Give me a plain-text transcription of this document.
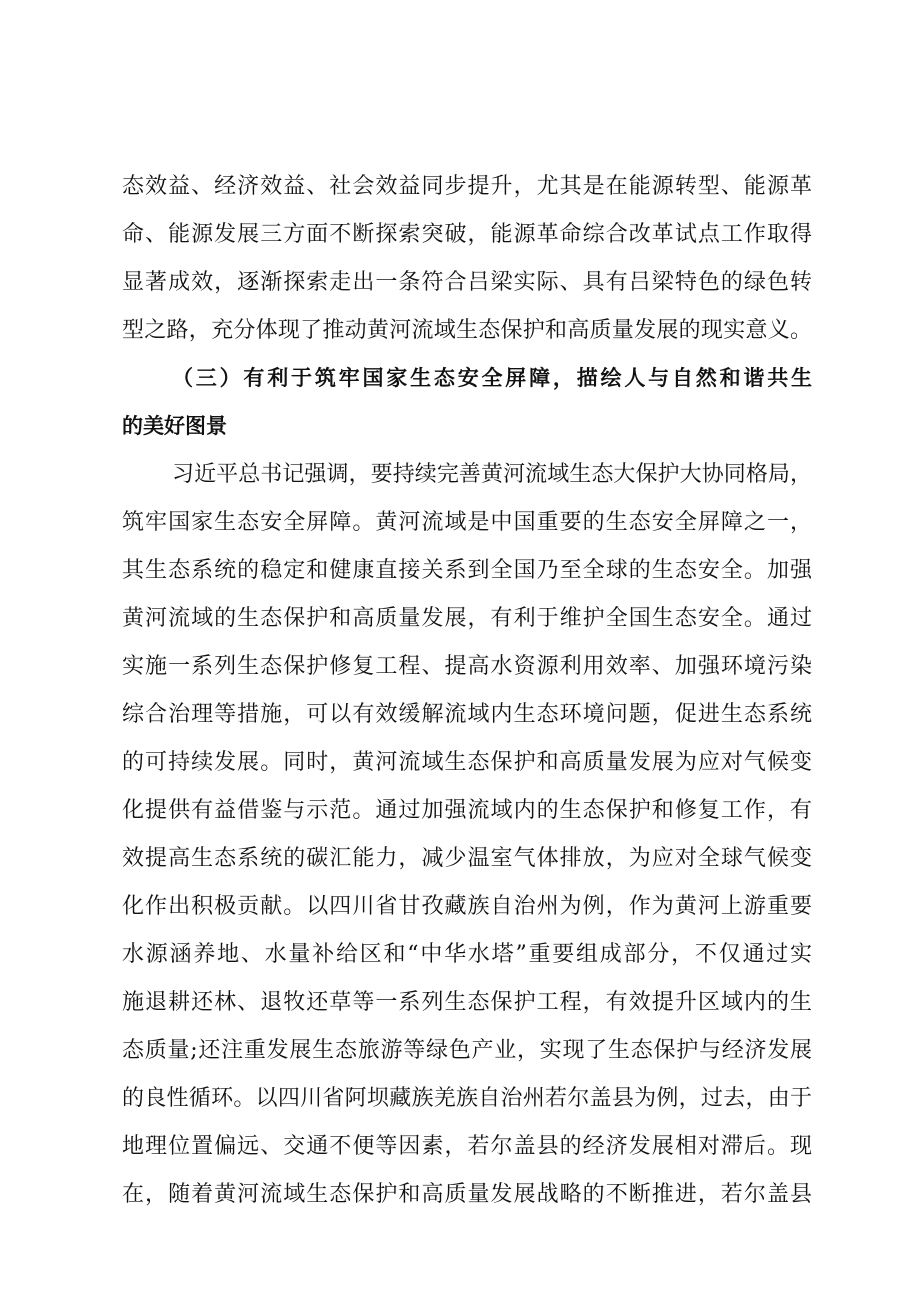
态效益、经济效益、社会效益同步提升，尤其是在能源转型、能源革
命、能源发展三方面不断探索突破，能源革命综合改革试点工作取得
显著成效，逐渐探索走出一条符合吕梁实际、具有吕梁特色的绿色转
型之路，充分体现了推动黄河流域生态保护和高质量发展的现实意义。
（三）有利于筑牢国家生态安全屏障，描绘人与自然和谐共生
的美好图景
习近平总书记强调，要持续完善黄河流域生态大保护大协同格局，
筑牢国家生态安全屏障。黄河流域是中国重要的生态安全屏障之一，
其生态系统的稳定和健康直接关系到全国乃至全球的生态安全。加强
黄河流域的生态保护和高质量发展，有利于维护全国生态安全。通过
实施一系列生态保护修复工程、提高水资源利用效率、加强环境污染
综合治理等措施，可以有效缓解流域内生态环境问题，促进生态系统
的可持续发展。同时，黄河流域生态保护和高质量发展为应对气候变
化提供有益借鉴与示范。通过加强流域内的生态保护和修复工作，有
效提高生态系统的碳汇能力，减少温室气体排放，为应对全球气候变
化作出积极贡献。以四川省甘孜藏族自治州为例，作为黄河上游重要
水源涵养地、水量补给区和“中华水塔”重要组成部分，不仅通过实
施退耕还林、退牧还草等一系列生态保护工程，有效提升区域内的生
态质量;还注重发展生态旅游等绿色产业，实现了生态保护与经济发展
的良性循环。以四川省阿坝藏族羌族自治州若尔盖县为例，过去，由于
地理位置偏远、交通不便等因素，若尔盖县的经济发展相对滞后。现
在，随着黄河流域生态保护和高质量发展战略的不断推进，若尔盖县
